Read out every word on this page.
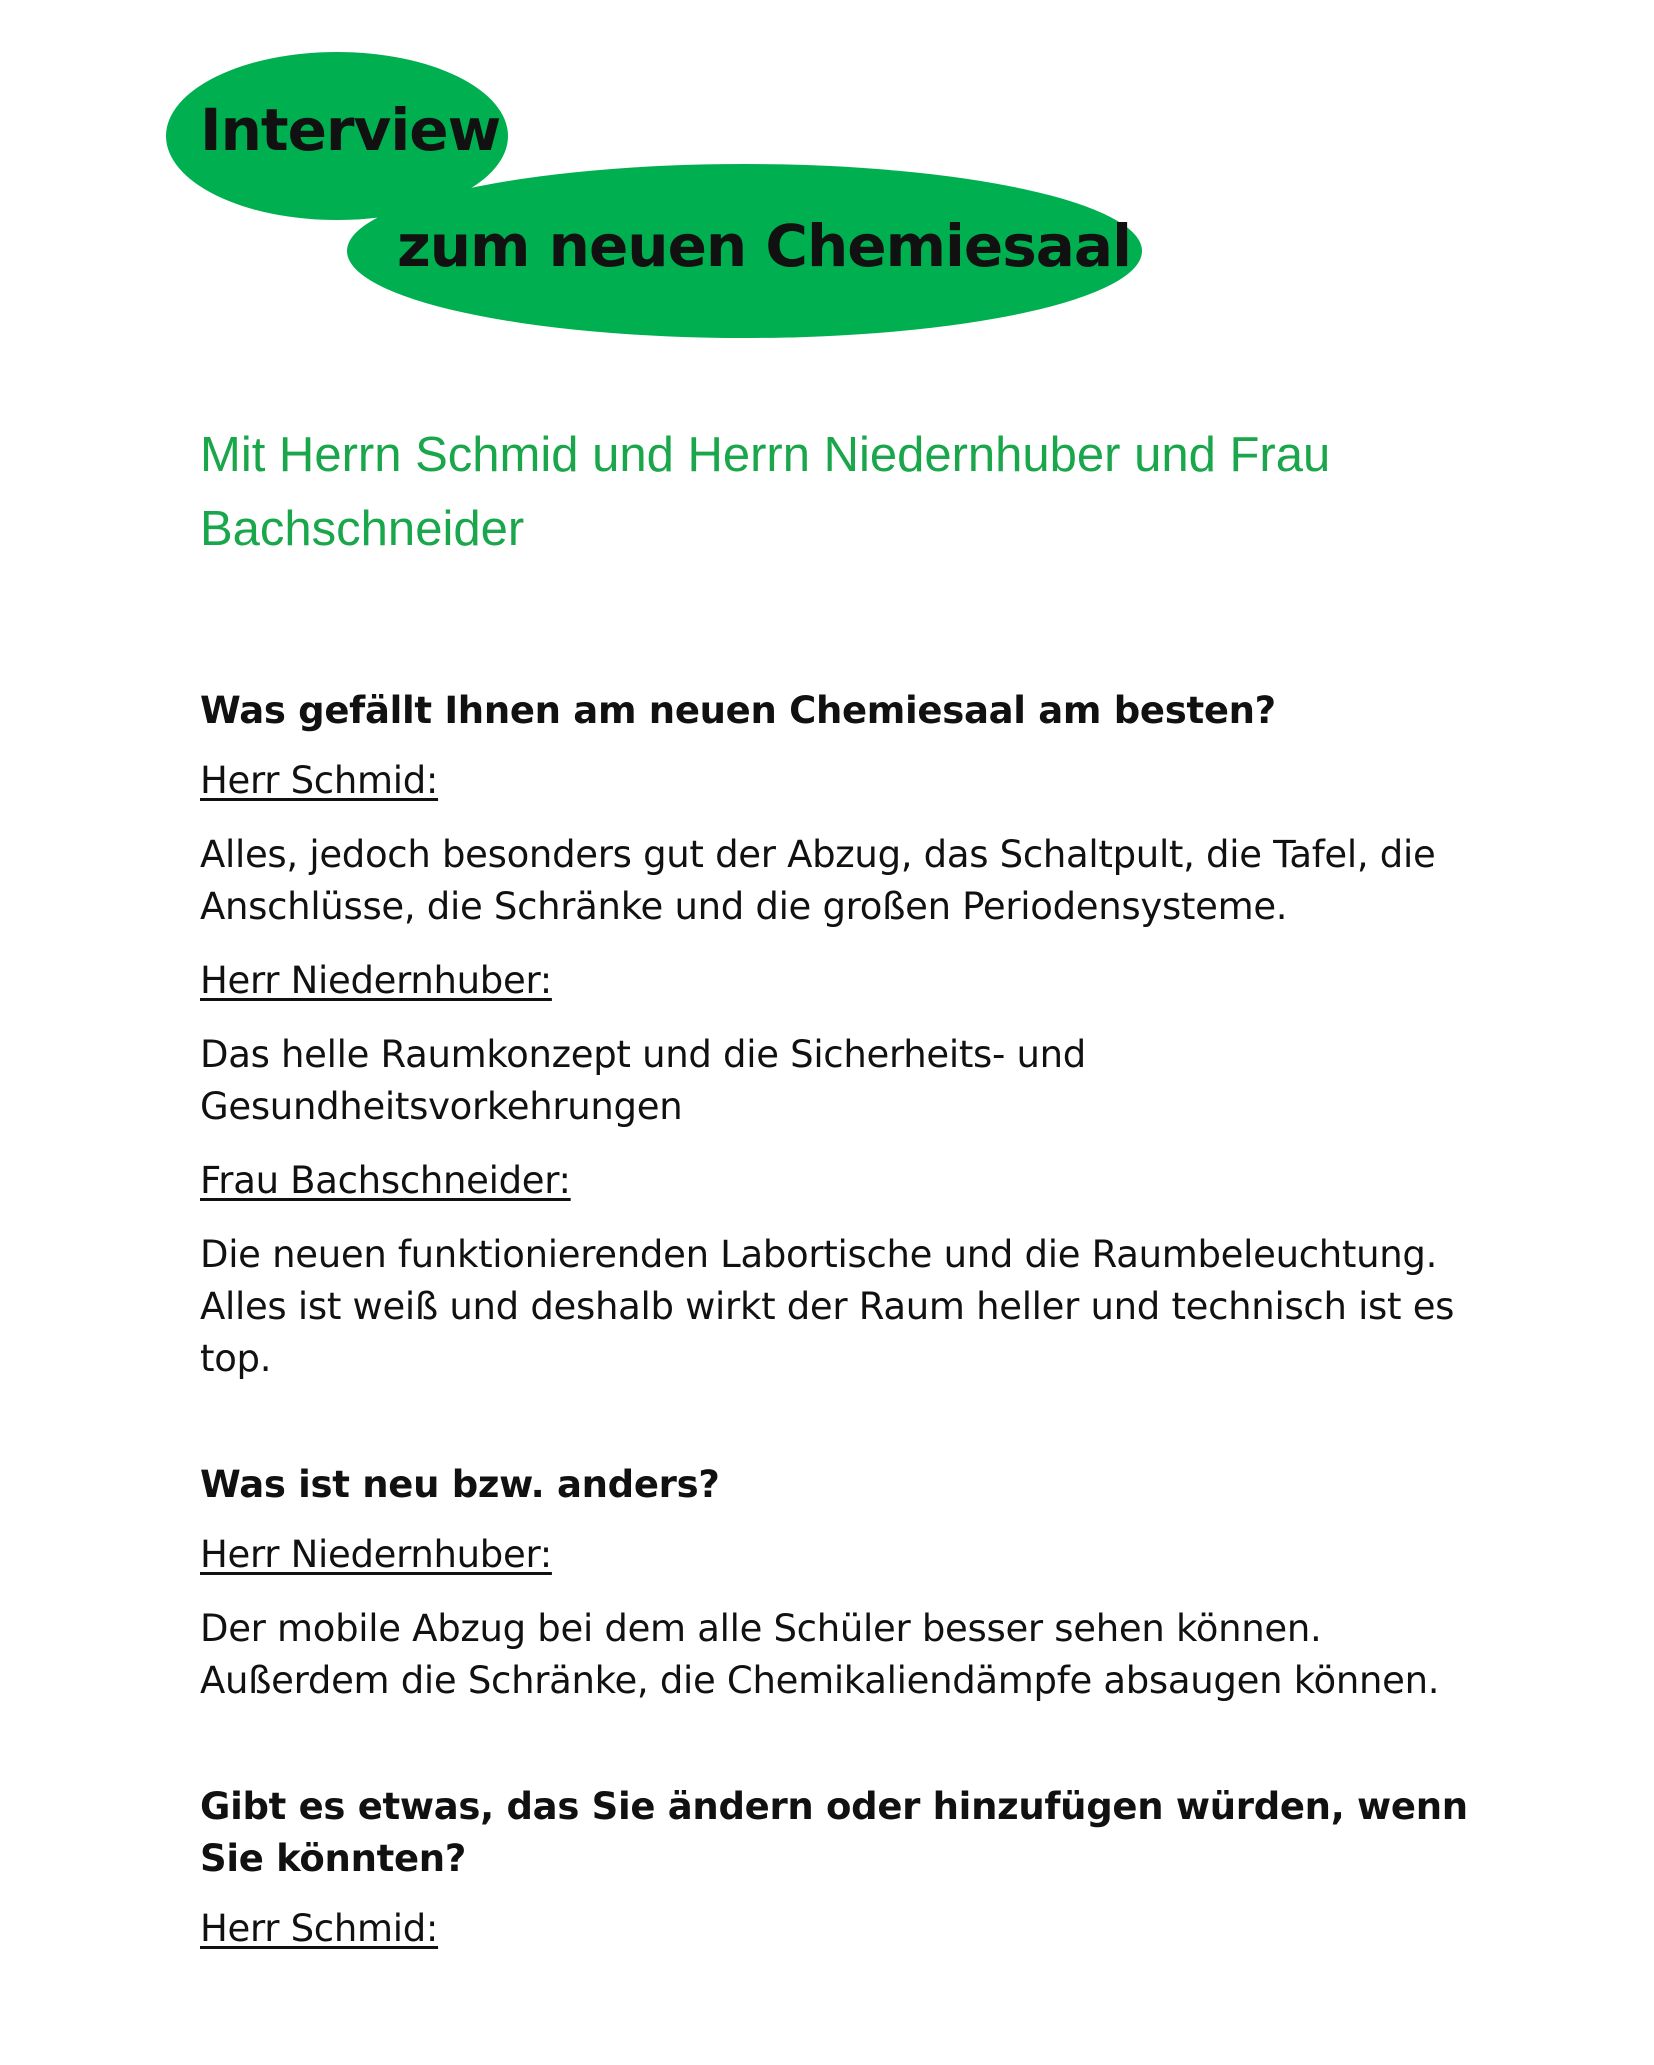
Interview
zum neuen Chemiesaal
Mit Herrn Schmid und Herrn Niedernhuber und Frau Bachschneider
Was gefällt Ihnen am neuen Chemiesaal am besten?
Herr Schmid:
Alles, jedoch besonders gut der Abzug, das Schaltpult, die Tafel, die Anschlüsse, die Schränke und die großen Periodensysteme.
Herr Niedernhuber:
Das helle Raumkonzept und die Sicherheits- und Gesundheitsvorkehrungen
Frau Bachschneider:
Die neuen funktionierenden Labortische und die Raumbeleuchtung. Alles ist weiß und deshalb wirkt der Raum heller und technisch ist es top.
Was ist neu bzw. anders?
Herr Niedernhuber:
Der mobile Abzug bei dem alle Schüler besser sehen können. Außerdem die Schränke, die Chemikaliendämpfe absaugen können.
Gibt es etwas, das Sie ändern oder hinzufügen würden, wenn Sie könnten?
Herr Schmid:
